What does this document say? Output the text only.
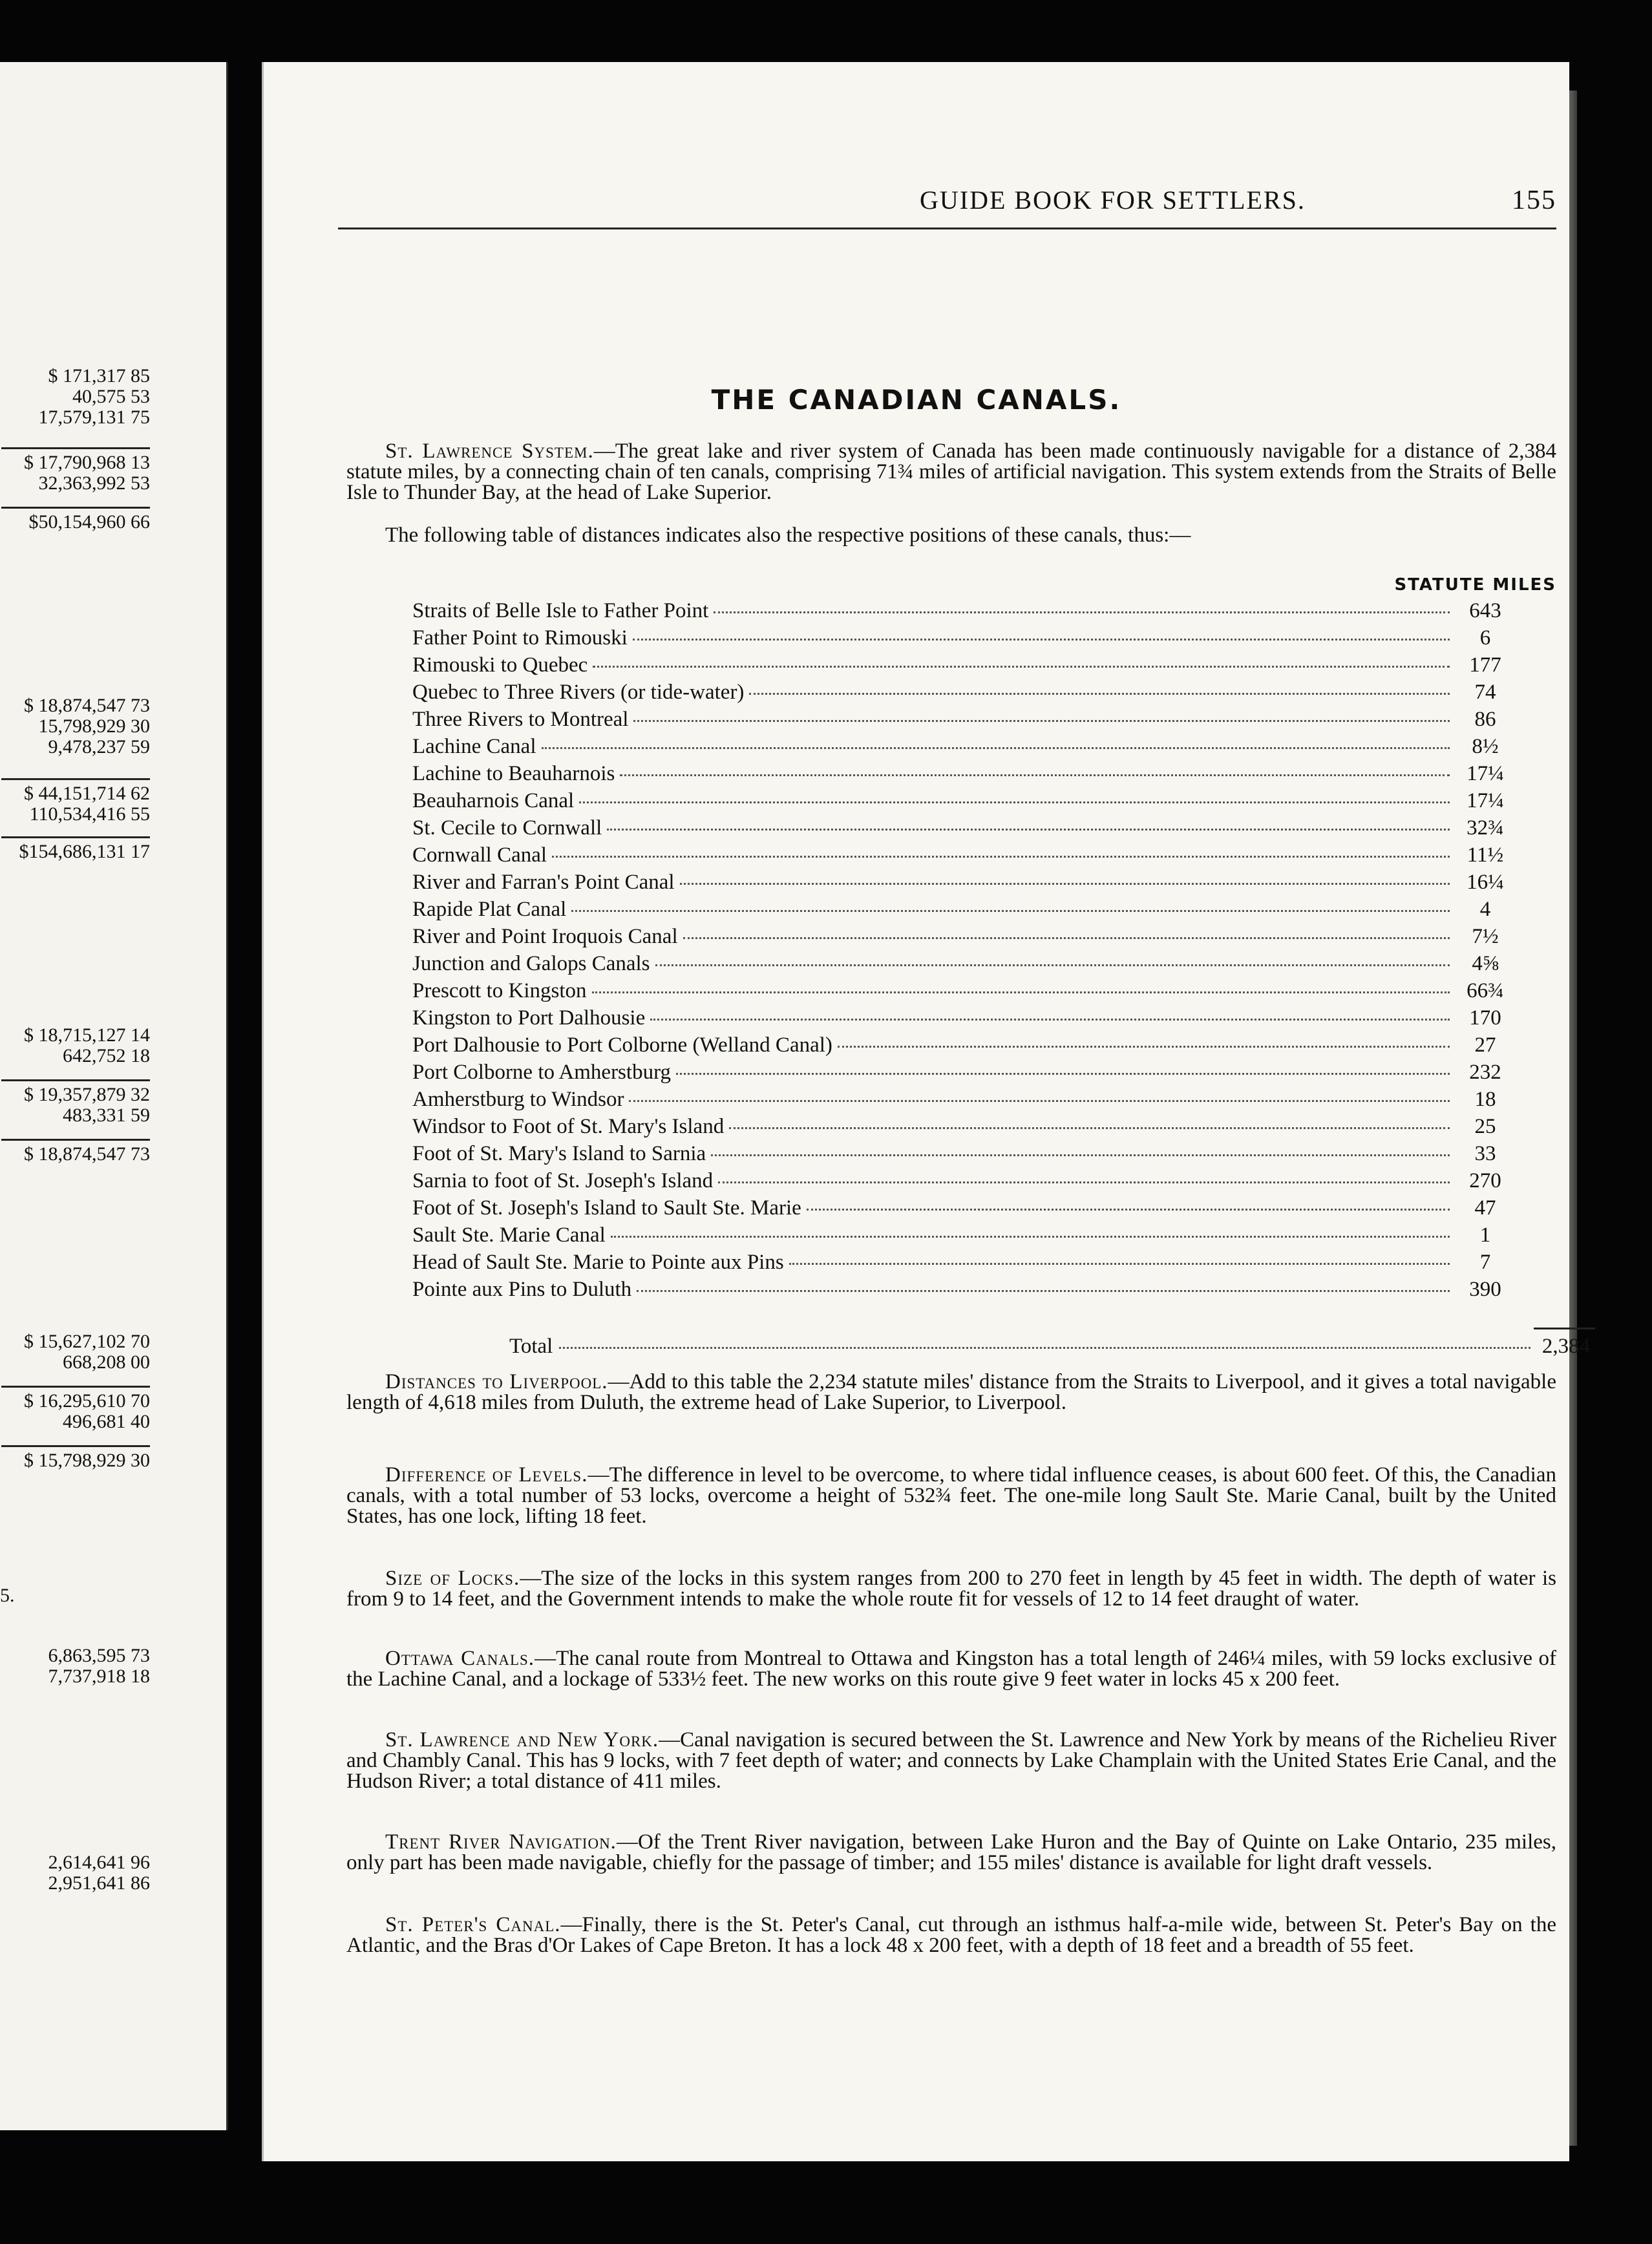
$ 171,317 85
40,575 53
17,579,131 75
$ 17,790,968 13
32,363,992 53
$50,154,960 66
$ 18,874,547 73
15,798,929 30
9,478,237 59
$ 44,151,714 62
110,534,416 55
$154,686,131 17
$ 18,715,127 14
642,752 18
$ 19,357,879 32
483,331 59
$ 18,874,547 73
$ 15,627,102 70
668,208 00
$ 16,295,610 70
496,681 40
$ 15,798,929 30
5.
6,863,595 73
7,737,918 18
2,614,641 96
2,951,641 86
GUIDE BOOK FOR SETTLERS.	155
THE CANADIAN CANALS.
St. Lawrence System.—The great lake and river system of Canada has been made continuously navigable for a distance of 2,384 statute miles, by a connecting chain of ten canals, comprising 71¾ miles of artificial navigation. This system extends from the Straits of Belle Isle to Thunder Bay, at the head of Lake Superior.
The following table of distances indicates also the respective positions of these canals, thus:—
STATUTE MILES
Straits of Belle Isle to Father Point	643
Father Point to Rimouski	6
Rimouski to Quebec	177
Quebec to Three Rivers (or tide-water)	74
Three Rivers to Montreal	86
Lachine Canal	8½
Lachine to Beauharnois	17¼
Beauharnois Canal	17¼
St. Cecile to Cornwall	32¾
Cornwall Canal	11½
River and Farran's Point Canal	16¼
Rapide Plat Canal	4
River and Point Iroquois Canal	7½
Junction and Galops Canals	4⅝
Prescott to Kingston	66¾
Kingston to Port Dalhousie	170
Port Dalhousie to Port Colborne (Welland Canal)	27
Port Colborne to Amherstburg	232
Amherstburg to Windsor	18
Windsor to Foot of St. Mary's Island	25
Foot of St. Mary's Island to Sarnia	33
Sarnia to foot of St. Joseph's Island	270
Foot of St. Joseph's Island to Sault Ste. Marie	47
Sault Ste. Marie Canal	1
Head of Sault Ste. Marie to Pointe aux Pins	7
Pointe aux Pins to Duluth	390
Total	2,384
Distances to Liverpool.—Add to this table the 2,234 statute miles' distance from the Straits to Liverpool, and it gives a total navigable length of 4,618 miles from Duluth, the extreme head of Lake Superior, to Liverpool.
Difference of Levels.—The difference in level to be overcome, to where tidal influence ceases, is about 600 feet. Of this, the Canadian canals, with a total number of 53 locks, overcome a height of 532¾ feet. The one-mile long Sault Ste. Marie Canal, built by the United States, has one lock, lifting 18 feet.
Size of Locks.—The size of the locks in this system ranges from 200 to 270 feet in length by 45 feet in width. The depth of water is from 9 to 14 feet, and the Government intends to make the whole route fit for vessels of 12 to 14 feet draught of water.
Ottawa Canals.—The canal route from Montreal to Ottawa and Kingston has a total length of 246¼ miles, with 59 locks exclusive of the Lachine Canal, and a lockage of 533½ feet. The new works on this route give 9 feet water in locks 45 x 200 feet.
St. Lawrence and New York.—Canal navigation is secured between the St. Lawrence and New York by means of the Richelieu River and Chambly Canal. This has 9 locks, with 7 feet depth of water; and connects by Lake Champlain with the United States Erie Canal, and the Hudson River; a total distance of 411 miles.
Trent River Navigation.—Of the Trent River navigation, between Lake Huron and the Bay of Quinte on Lake Ontario, 235 miles, only part has been made navigable, chiefly for the passage of timber; and 155 miles' distance is available for light draft vessels.
St. Peter's Canal.—Finally, there is the St. Peter's Canal, cut through an isthmus half-a-mile wide, between St. Peter's Bay on the Atlantic, and the Bras d'Or Lakes of Cape Breton. It has a lock 48 x 200 feet, with a depth of 18 feet and a breadth of 55 feet.
